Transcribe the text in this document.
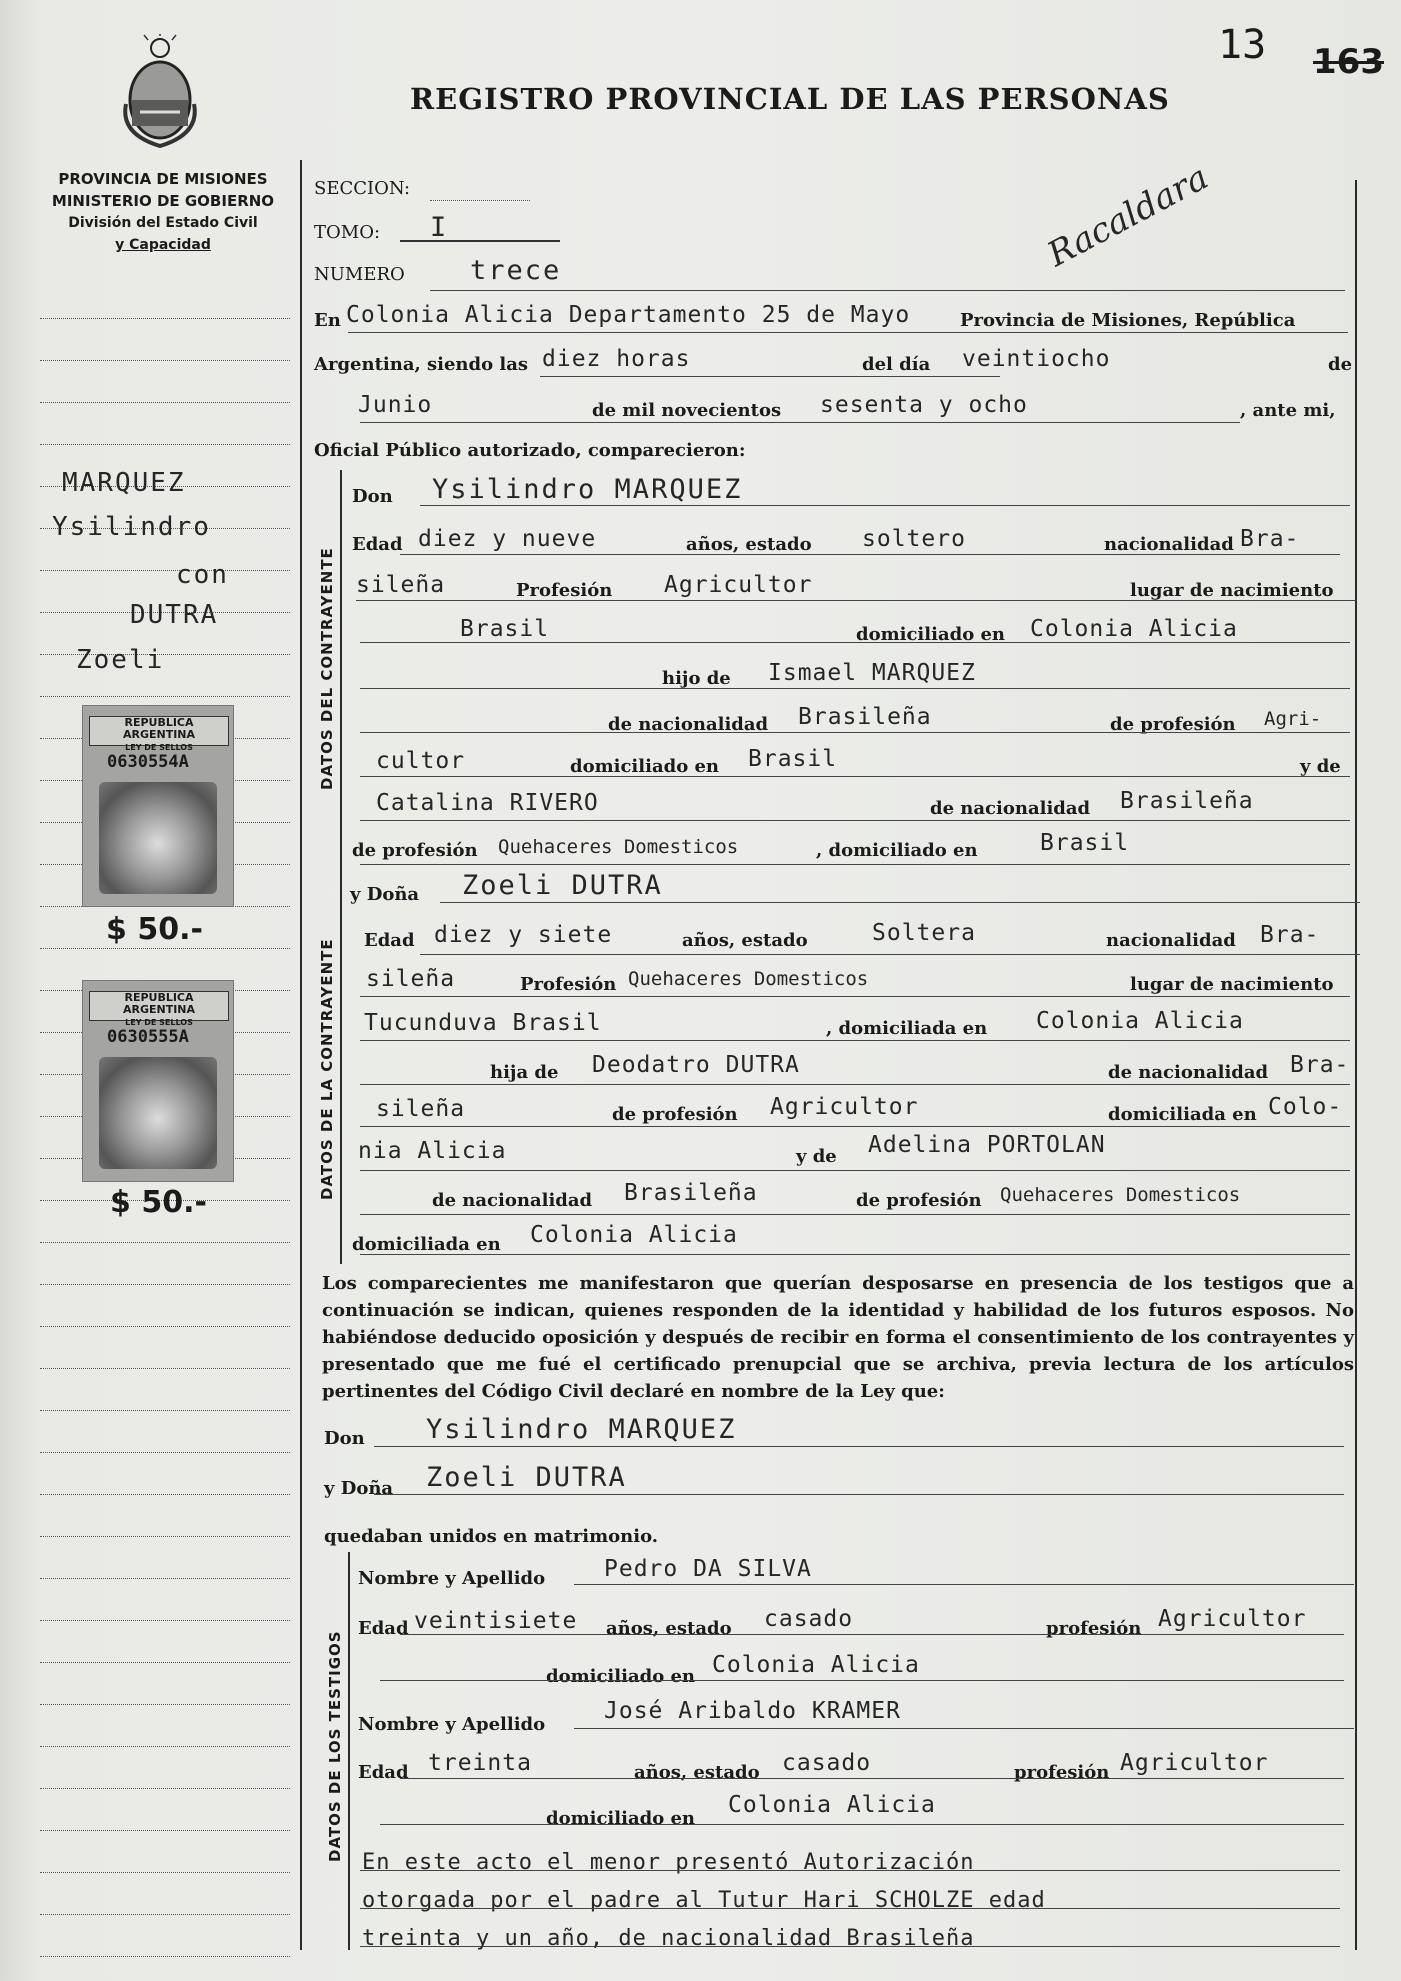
REGISTRO PROVINCIAL DE LAS PERSONAS
13 163
Racaldara
PROVINCIA DE MISIONES
MINISTERIO DE GOBIERNO
División del Estado Civil
y Capacidad
MARQUEZ
Ysilindro
con
DUTRA
Zoeli
REPUBLICA ARGENTINA
LEY DE SELLOS
0630554A
$ 50.-
REPUBLICA ARGENTINA
LEY DE SELLOS
0630555A
$ 50.-
SECCION:
TOMO: I
NUMERO trece
En Colonia Alicia Departamento 25 de Mayo	Provincia de Misiones, República
Argentina, siendo las diez horas	del día veintiocho	de
Junio	de mil novecientos sesenta y ocho	, ante mi,
Oficial Público autorizado, comparecieron:
DATOS DEL CONTRAYENTE
Don Ysilindro MARQUEZ
Edad diez y nueve	años, estado soltero	nacionalidad Bra-
sileña	Profesión Agricultor	lugar de nacimiento
Brasil	domiciliado en Colonia Alicia
hijo de Ismael MARQUEZ
de nacionalidad Brasileña	de profesión Agri-
cultor	domiciliado en Brasil	y de
Catalina RIVERO	de nacionalidad Brasileña
de profesión Quehaceres Domesticos	, domiciliado en	Brasil
DATOS DE LA CONTRAYENTE
y Doña Zoeli DUTRA
Edad diez y siete	años, estado	Soltera	nacionalidad Bra-
sileña	Profesión Quehaceres Domesticos	lugar de nacimiento
Tucunduva Brasil	, domiciliada en Colonia Alicia
hija de Deodatro DUTRA	de nacionalidad Bra-
sileña	de profesión Agricultor	domiciliada en Colo-
nia Alicia	y de Adelina PORTOLAN
de nacionalidad Brasileña	de profesión Quehaceres Domesticos
domiciliada en Colonia Alicia
Los comparecientes me manifestaron que querían desposarse en presencia de los testigos que a continuación se indican, quienes responden de la identidad y habilidad de los futuros esposos. No habiéndose deducido oposición y después de recibir en forma el consentimiento de los contrayentes y presentado que me fué el certificado prenupcial que se archiva, previa lectura de los artículos pertinentes del Código Civil declaré en nombre de la Ley que:
Don Ysilindro MARQUEZ
y Doña Zoeli DUTRA
quedaban unidos en matrimonio.
DATOS DE LOS TESTIGOS
Nombre y Apellido	Pedro DA SILVA
Edad veintisiete años, estado casado	profesión Agricultor
domiciliado en Colonia Alicia
Nombre y Apellido
José Aribaldo KRAMER
Edad treinta	años, estado casado	profesión Agricultor
domiciliado en
Colonia Alicia
En este acto el menor presentó Autorización
otorgada por el padre al Tutur Hari SCHOLZE edad
treinta y un año, de nacionalidad Brasileña
